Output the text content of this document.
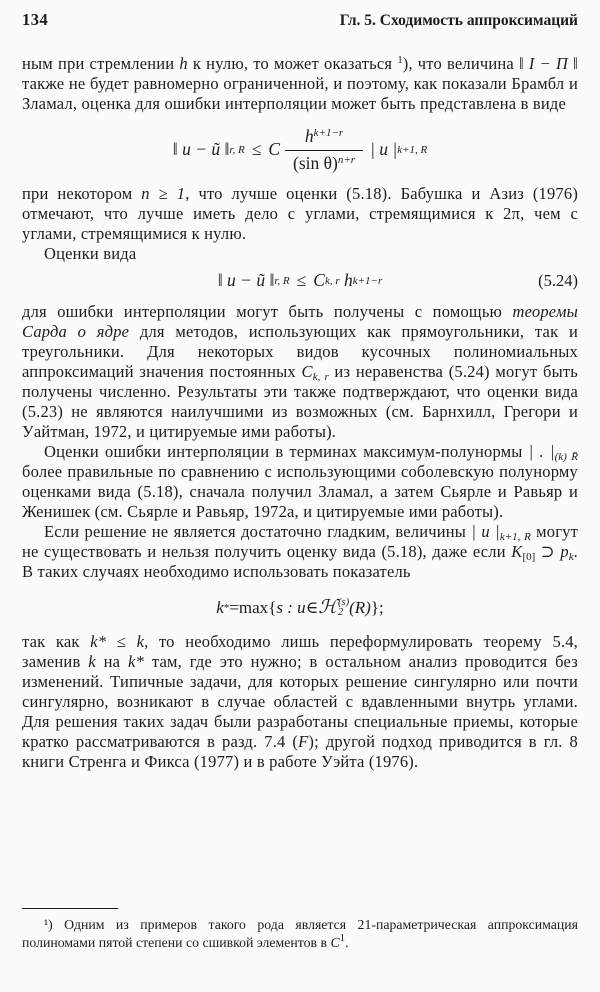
134	Гл. 5. Сходимость аппроксимаций

ным при стремлении h к нулю, то может оказаться $^1$), что величина ‖ I − П ‖ также не будет равномерно ограниченной, и поэтому, как показали Брамбл и Зламал, оценка для ошибки интерполяции может быть представлена в виде

‖ u − ũ ‖ r, R ≤ C $\frac{h^{k+1-r}}{(\sin \theta)^{n+r}}$ | u | k+1, R

при некотором n ≥ 1, что лучше оценки (5.18). Бабушка и Азиз (1976) отмечают, что лучше иметь дело с углами, стремящимися к 2π, чем с углами, стремящимися к нулю.

Оценки вида

‖ u − ũ ‖ r, R ≤ C k, r
h k+1−r	(5.24)

для ошибки интерполяции могут быть получены с помощью теоремы Сарда о ядре для методов, использующих как прямоугольники, так и треугольники. Для некоторых видов кусочных полиномиальных аппроксимаций значения постоянных $C_{k, r}$ из неравенства (5.24) могут быть получены численно. Результаты эти также подтверждают, что оценки вида (5.23) не являются наилучшими из возможных (см. Барнхилл, Грегори и Уайтман, 1972, и цитируемые ими работы).

Оценки ошибки интерполяции в терминах максимум-полунормы | . $|_{(k) R̄}$ более правильные по сравнению с использующими соболевскую полунорму оценками вида (5.18), сначала получил Зламал, а затем Сьярле и Равьяр и Женишек (см. Сьярле и Равьяр, 1972а, и цитируемые ими работы).

Если решение не является достаточно гладким, величины | u $|_{k+1, R}$ могут не существовать и нельзя получить оценку вида (5.18), даже если $K_{[0]}$ ⊃ $p_k$. В таких случаях необходимо использовать показатель

k * = max { s : u ∈ ℋ (s)
2 (R) };

так как k* ≤ k, то необходимо лишь переформулировать теорему 5.4, заменив k на k* там, где это нужно; в остальном анализ проводится без изменений. Типичные задачи, для которых решение сингулярно или почти сингулярно, возникают в случае областей с вдавленными внутрь углами. Для решения таких задач были разработаны специальные приемы, которые кратко рассматриваются в разд. 7.4 (F); другой подход приводится в гл. 8 книги Стренга и Фикса (1977) и в работе Уэйта (1976).

¹) Одним из примеров такого рода является 21-параметрическая аппроксимация полиномами пятой степени со сшивкой элементов в $C^1$.
